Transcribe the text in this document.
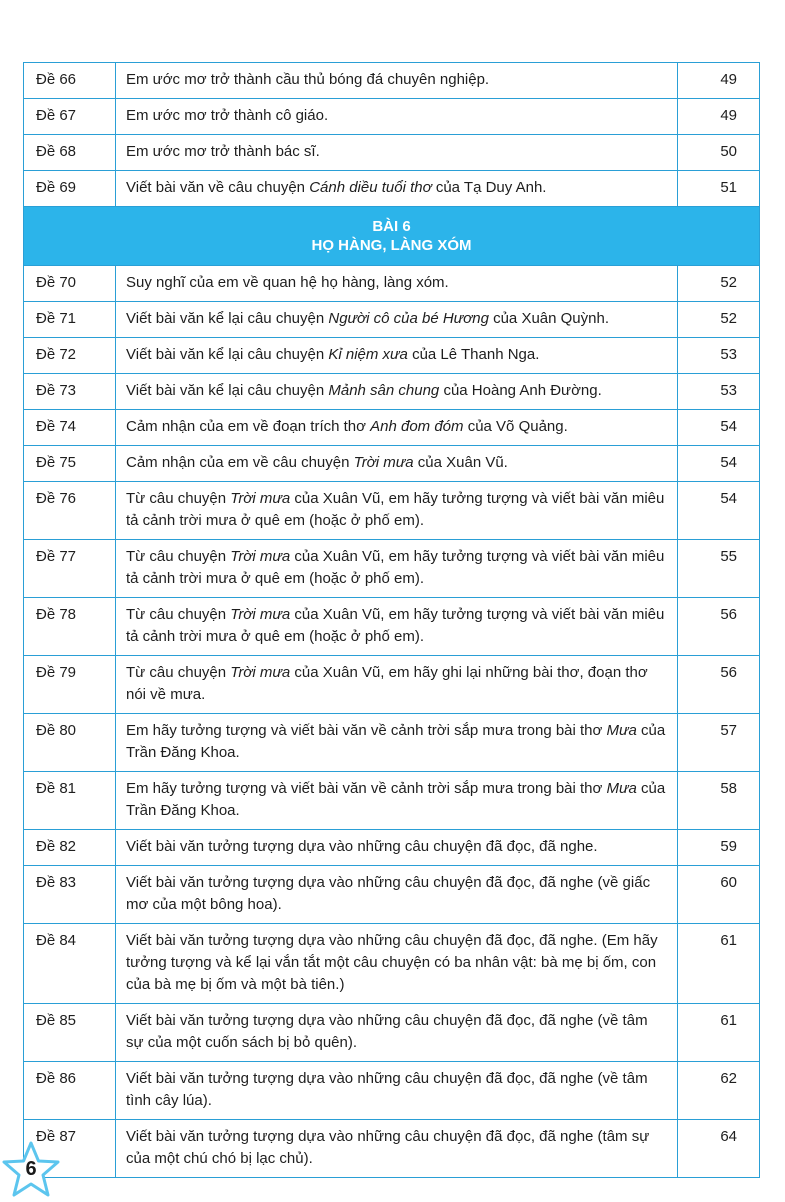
Đề 66	Em ước mơ trở thành cầu thủ bóng đá chuyên nghiệp.	49
Đề 67	Em ước mơ trở thành cô giáo.	49
Đề 68	Em ước mơ trở thành bác sĩ.	50
Đề 69	Viết bài văn về câu chuyện Cánh diều tuổi thơ của Tạ Duy Anh.	51

BÀI 6
HỌ HÀNG, LÀNG XÓM		

Đề 70	Suy nghĩ của em về quan hệ họ hàng, làng xóm.	52
Đề 71	Viết bài văn kể lại câu chuyện Người cô của bé Hương của Xuân Quỳnh.	52
Đề 72	Viết bài văn kể lại câu chuyện Kỉ niệm xưa của Lê Thanh Nga.	53
Đề 73	Viết bài văn kể lại câu chuyện Mảnh sân chung của Hoàng Anh Đường.	53
Đề 74	Cảm nhận của em về đoạn trích thơ Anh đom đóm của Võ Quảng.	54
Đề 75	Cảm nhận của em về câu chuyện Trời mưa của Xuân Vũ.	54
Đề 76	Từ câu chuyện Trời mưa của Xuân Vũ, em hãy tưởng tượng và viết bài văn miêu tả cảnh trời mưa ở quê em (hoặc ở phố em).	54
Đề 77	Từ câu chuyện Trời mưa của Xuân Vũ, em hãy tưởng tượng và viết bài văn miêu tả cảnh trời mưa ở quê em (hoặc ở phố em).	55
Đề 78	Từ câu chuyện Trời mưa của Xuân Vũ, em hãy tưởng tượng và viết bài văn miêu tả cảnh trời mưa ở quê em (hoặc ở phố em).	56
Đề 79	Từ câu chuyện Trời mưa của Xuân Vũ, em hãy ghi lại những bài thơ, đoạn thơ nói về mưa.	56
Đề 80	Em hãy tưởng tượng và viết bài văn về cảnh trời sắp mưa trong bài thơ Mưa của Trần Đăng Khoa.	57
Đề 81	Em hãy tưởng tượng và viết bài văn về cảnh trời sắp mưa trong bài thơ Mưa của Trần Đăng Khoa.	58
Đề 82	Viết bài văn tưởng tượng dựa vào những câu chuyện đã đọc, đã nghe.	59
Đề 83	Viết bài văn tưởng tượng dựa vào những câu chuyện đã đọc, đã nghe (về giấc mơ của một bông hoa).	60
Đề 84	Viết bài văn tưởng tượng dựa vào những câu chuyện đã đọc, đã nghe. (Em hãy tưởng tượng và kể lại vắn tắt một câu chuyện có ba nhân vật: bà mẹ bị ốm, con của bà mẹ bị ốm và một bà tiên.)	61
Đề 85	Viết bài văn tưởng tượng dựa vào những câu chuyện đã đọc, đã nghe (về tâm sự của một cuốn sách bị bỏ quên).	61
Đề 86	Viết bài văn tưởng tượng dựa vào những câu chuyện đã đọc, đã nghe (về tâm tình cây lúa).	62
Đề 87	Viết bài văn tưởng tượng dựa vào những câu chuyện đã đọc, đã nghe (tâm sự của một chú chó bị lạc chủ).	64
6
